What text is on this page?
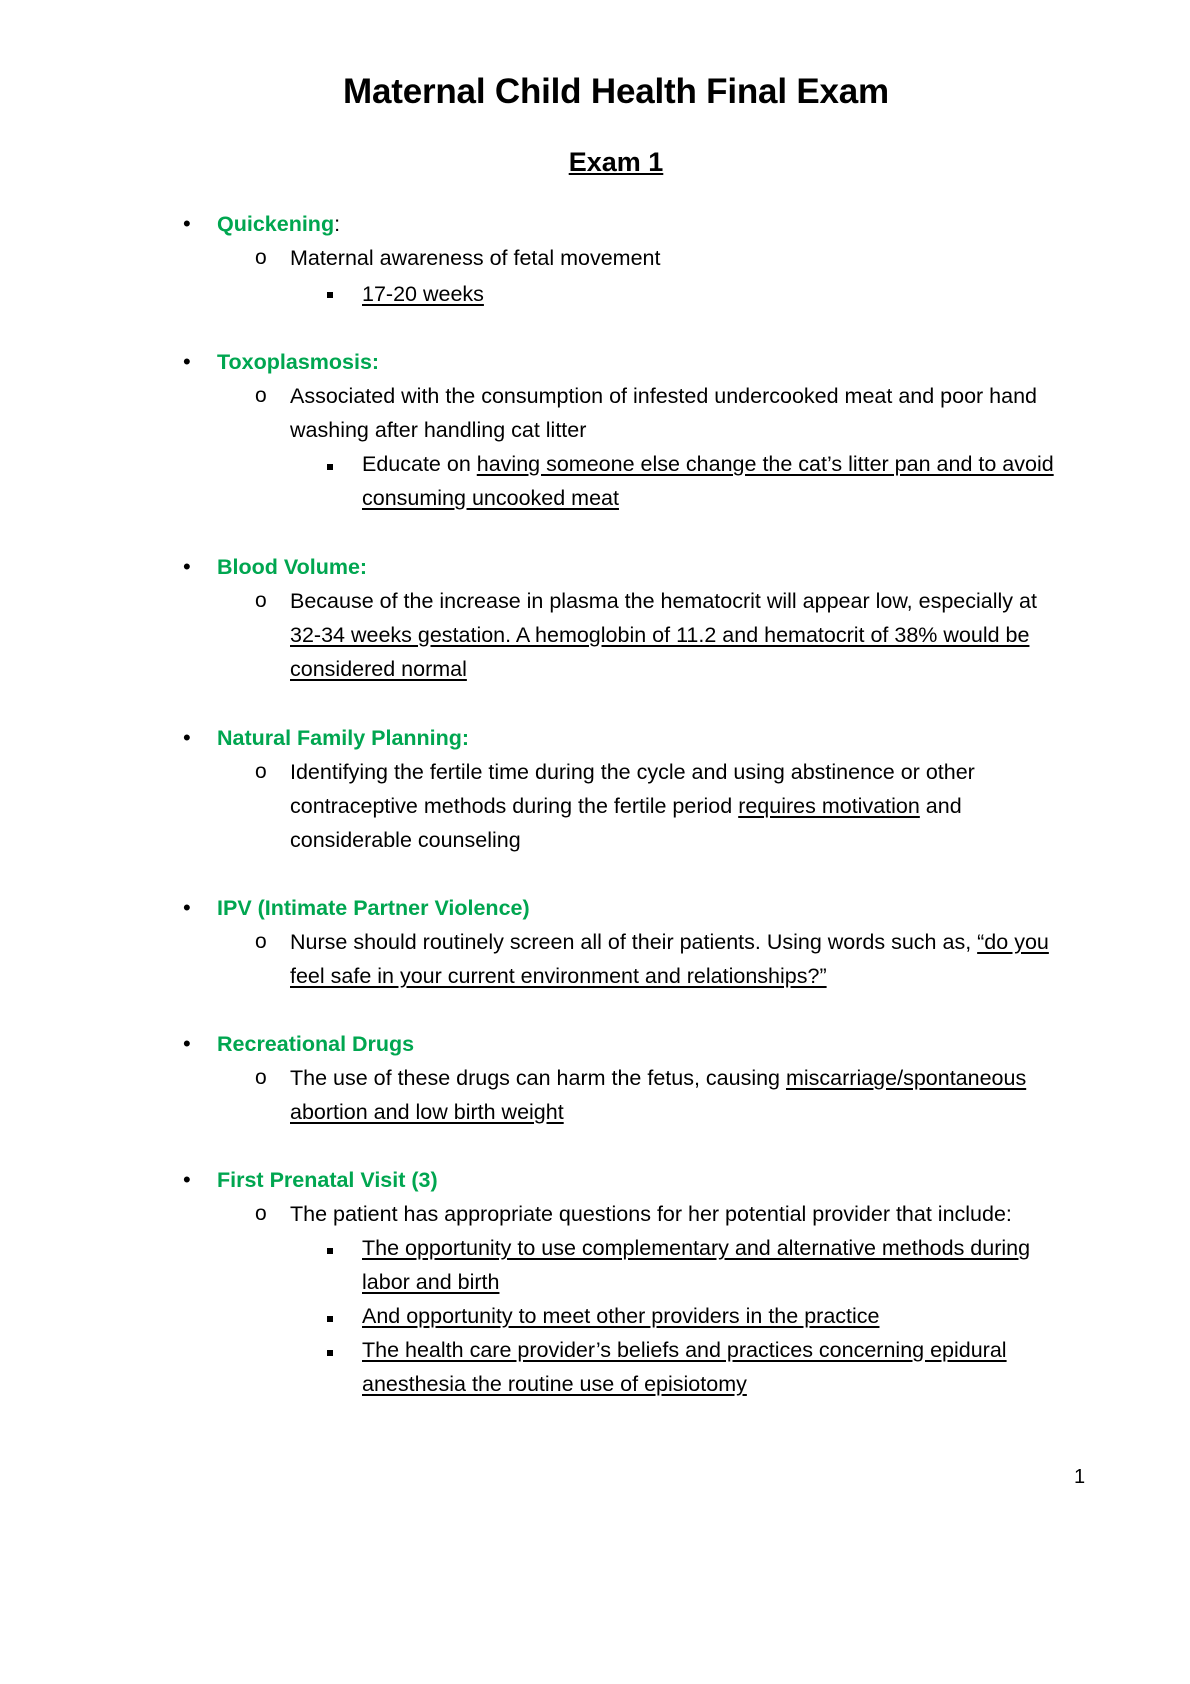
Maternal Child Health Final Exam
Exam 1
• Quickening:
o Maternal awareness of fetal movement
17-20 weeks
• Toxoplasmosis:
o Associated with the consumption of infested undercooked meat and poor hand
washing after handling cat litter
Educate on having someone else change the cat’s litter pan and to avoid
consuming uncooked meat
• Blood Volume:
o Because of the increase in plasma the hematocrit will appear low, especially at
32-34 weeks gestation. A hemoglobin of 11.2 and hematocrit of 38% would be
considered normal
• Natural Family Planning:
o Identifying the fertile time during the cycle and using abstinence or other
contraceptive methods during the fertile period requires motivation and
considerable counseling
• IPV (Intimate Partner Violence)
o Nurse should routinely screen all of their patients. Using words such as, “do you
feel safe in your current environment and relationships?”
• Recreational Drugs
o The use of these drugs can harm the fetus, causing miscarriage/spontaneous
abortion and low birth weight
• First Prenatal Visit (3)
o The patient has appropriate questions for her potential provider that include:
The opportunity to use complementary and alternative methods during
labor and birth
And opportunity to meet other providers in the practice
The health care provider’s beliefs and practices concerning epidural
anesthesia the routine use of episiotomy
1
